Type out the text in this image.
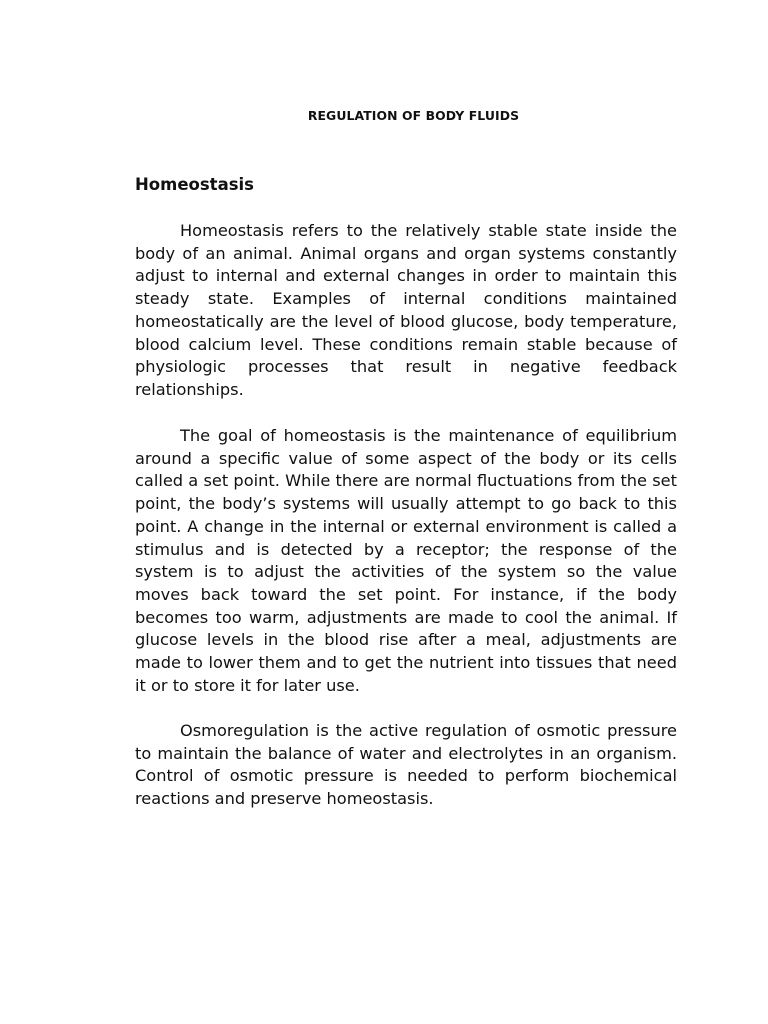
REGULATION OF BODY FLUIDS
Homeostasis

Homeostasis refers to the relatively stable state inside the body of an animal. Animal organs and organ systems constantly adjust to internal and external changes in order to maintain this steady state. Examples of internal conditions maintained homeostatically are the level of blood glucose, body temperature, blood calcium level. These conditions remain stable because of physiologic processes that result in negative feedback relationships.

The goal of homeostasis is the maintenance of equilibrium around a specific value of some aspect of the body or its cells called a set point. While there are normal fluctuations from the set point, the body’s systems will usually attempt to go back to this point. A change in the internal or external environment is called a stimulus and is detected by a receptor; the response of the system is to adjust the activities of the system so the value moves back toward the set point. For instance, if the body becomes too warm, adjustments are made to cool the animal. If glucose levels in the blood rise after a meal, adjustments are made to lower them and to get the nutrient into tissues that need it or to store it for later use.

Osmoregulation is the active regulation of osmotic pressure to maintain the balance of water and electrolytes in an organism. Control of osmotic pressure is needed to perform biochemical reactions and preserve homeostasis.
